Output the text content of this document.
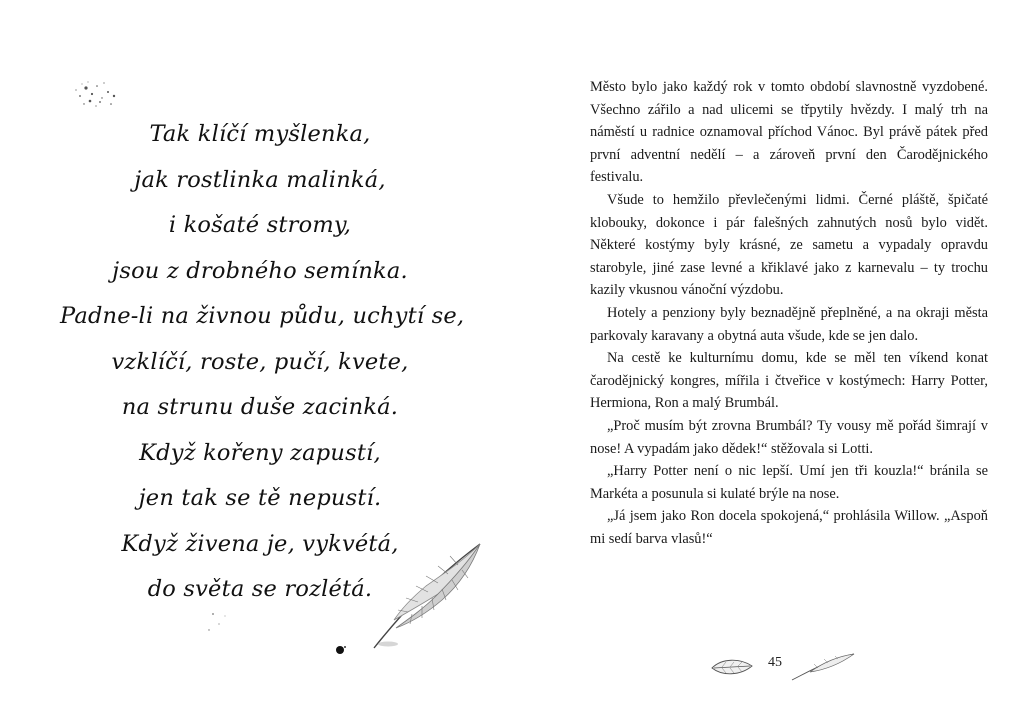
Tak klíčí myšlenka,
jak rostlinka malinká,
i košaté stromy,
jsou z drobného semínka.
Padne-li na živnou půdu, uchytí se,
vzklíčí, roste, pučí, kvete,
na strunu duše zacinká.
Když kořeny zapustí,
jen tak se tě nepustí.
Když živena je, vykvétá,
do světa se rozlétá.

Město bylo jako každý rok v tomto období slavnostně vyzdobené. Všechno zářilo a nad ulicemi se třpytily hvězdy. I malý trh na náměstí u radnice oznamoval příchod Vánoc. Byl právě pátek před první adventní nedělí – a zároveň první den Čarodějnického festivalu.

Všude to hemžilo převlečenými lidmi. Černé pláště, špičaté klobouky, dokonce i pár falešných zahnutých nosů bylo vidět. Některé kostýmy byly krásné, ze sametu a vypadaly opravdu starobyle, jiné zase levné a křiklavé jako z karnevalu – ty trochu kazily vkusnou vánoční výzdobu.

Hotely a penziony byly beznadějně přeplněné, a na okraji města parkovaly karavany a obytná auta všude, kde se jen dalo.

Na cestě ke kulturnímu domu, kde se měl ten víkend konat čarodějnický kongres, mířila i čtveřice v kostýmech: Harry Potter, Hermiona, Ron a malý Brumbál.

„Proč musím být zrovna Brumbál? Ty vousy mě pořád šimrají v nose! A vypadám jako dědek!“ stěžovala si Lotti.

„Harry Potter není o nic lepší. Umí jen tři kouzla!“ bránila se Markéta a posunula si kulaté brýle na nose.

„Já jsem jako Ron docela spokojená,“ prohlásila Willow. „Aspoň mi sedí barva vlasů!“

45
